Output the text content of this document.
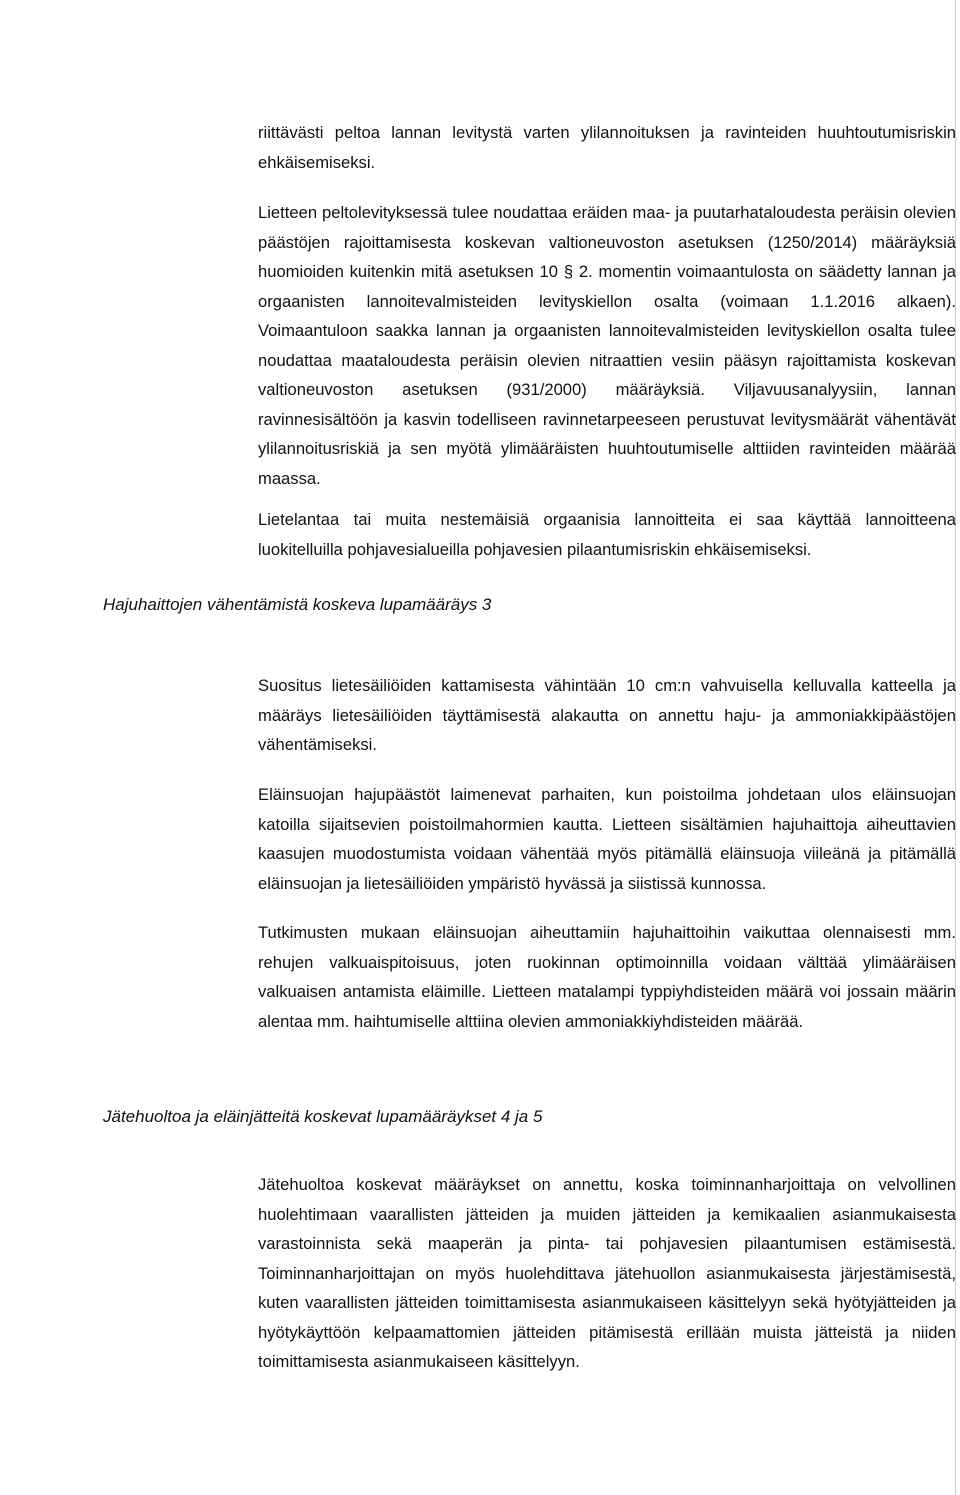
riittävästi peltoa lannan levitystä varten ylilannoituksen ja ravinteiden huuhtoutumisriskin ehkäisemiseksi.

Lietteen peltolevityksessä tulee noudattaa eräiden maa- ja puutarhataloudesta peräisin olevien päästöjen rajoittamisesta koskevan valtioneuvoston asetuksen (1250/2014) määräyksiä huomioiden kuitenkin mitä asetuksen 10 § 2. momentin voimaantulosta on säädetty lannan ja orgaanisten lannoitevalmisteiden levityskiellon osalta (voimaan 1.1.2016 alkaen). Voimaantuloon saakka lannan ja orgaanisten lannoitevalmisteiden levityskiellon osalta tulee noudattaa maataloudesta peräisin olevien nitraattien vesiin pääsyn rajoittamista koskevan valtioneuvoston asetuksen (931/2000) määräyksiä. Viljavuusanalyysiin, lannan ravinnesisältöön ja kasvin todelliseen ravinnetarpeeseen perustuvat levitysmäärät vähentävät ylilannoitusriskiä ja sen myötä ylimääräisten huuhtoutumiselle alttiiden ravinteiden määrää maassa.

Lietelantaa tai muita nestemäisiä orgaanisia lannoitteita ei saa käyttää lannoitteena luokitelluilla pohjavesialueilla pohjavesien pilaantumisriskin ehkäisemiseksi.

Hajuhaittojen vähentämistä koskeva lupamääräys 3

Suositus lietesäiliöiden kattamisesta vähintään 10 cm:n vahvuisella kelluvalla katteella ja määräys lietesäiliöiden täyttämisestä alakautta on annettu haju- ja ammoniakkipäästöjen vähentämiseksi.

Eläinsuojan hajupäästöt laimenevat parhaiten, kun poistoilma johdetaan ulos eläinsuojan katoilla sijaitsevien poistoilmahormien kautta. Lietteen sisältämien hajuhaittoja aiheuttavien kaasujen muodostumista voidaan vähentää myös pitämällä eläinsuoja viileänä ja pitämällä eläinsuojan ja lietesäiliöiden ympäristö hyvässä ja siistissä kunnossa.

Tutkimusten mukaan eläinsuojan aiheuttamiin hajuhaittoihin vaikuttaa olennaisesti mm. rehujen valkuaispitoisuus, joten ruokinnan optimoinnilla voidaan välttää ylimääräisen valkuaisen antamista eläimille. Lietteen matalampi typpiyhdisteiden määrä voi jossain määrin alentaa mm. haihtumiselle alttiina olevien ammoniakkiyhdisteiden määrää.

Jätehuoltoa ja eläinjätteitä koskevat lupamääräykset 4 ja 5

Jätehuoltoa koskevat määräykset on annettu, koska toiminnanharjoittaja on velvollinen huolehtimaan vaarallisten jätteiden ja muiden jätteiden ja kemikaalien asianmukaisesta varastoinnista sekä maaperän ja pinta- tai pohjavesien pilaantumisen estämisestä. Toiminnanharjoittajan on myös huolehdittava jätehuollon asianmukaisesta järjestämisestä, kuten vaarallisten jätteiden toimittamisesta asianmukaiseen käsittelyyn sekä hyötyjätteiden ja hyötykäyttöön kelpaamattomien jätteiden pitämisestä erillään muista jätteistä ja niiden toimittamisesta asianmukaiseen käsittelyyn.
